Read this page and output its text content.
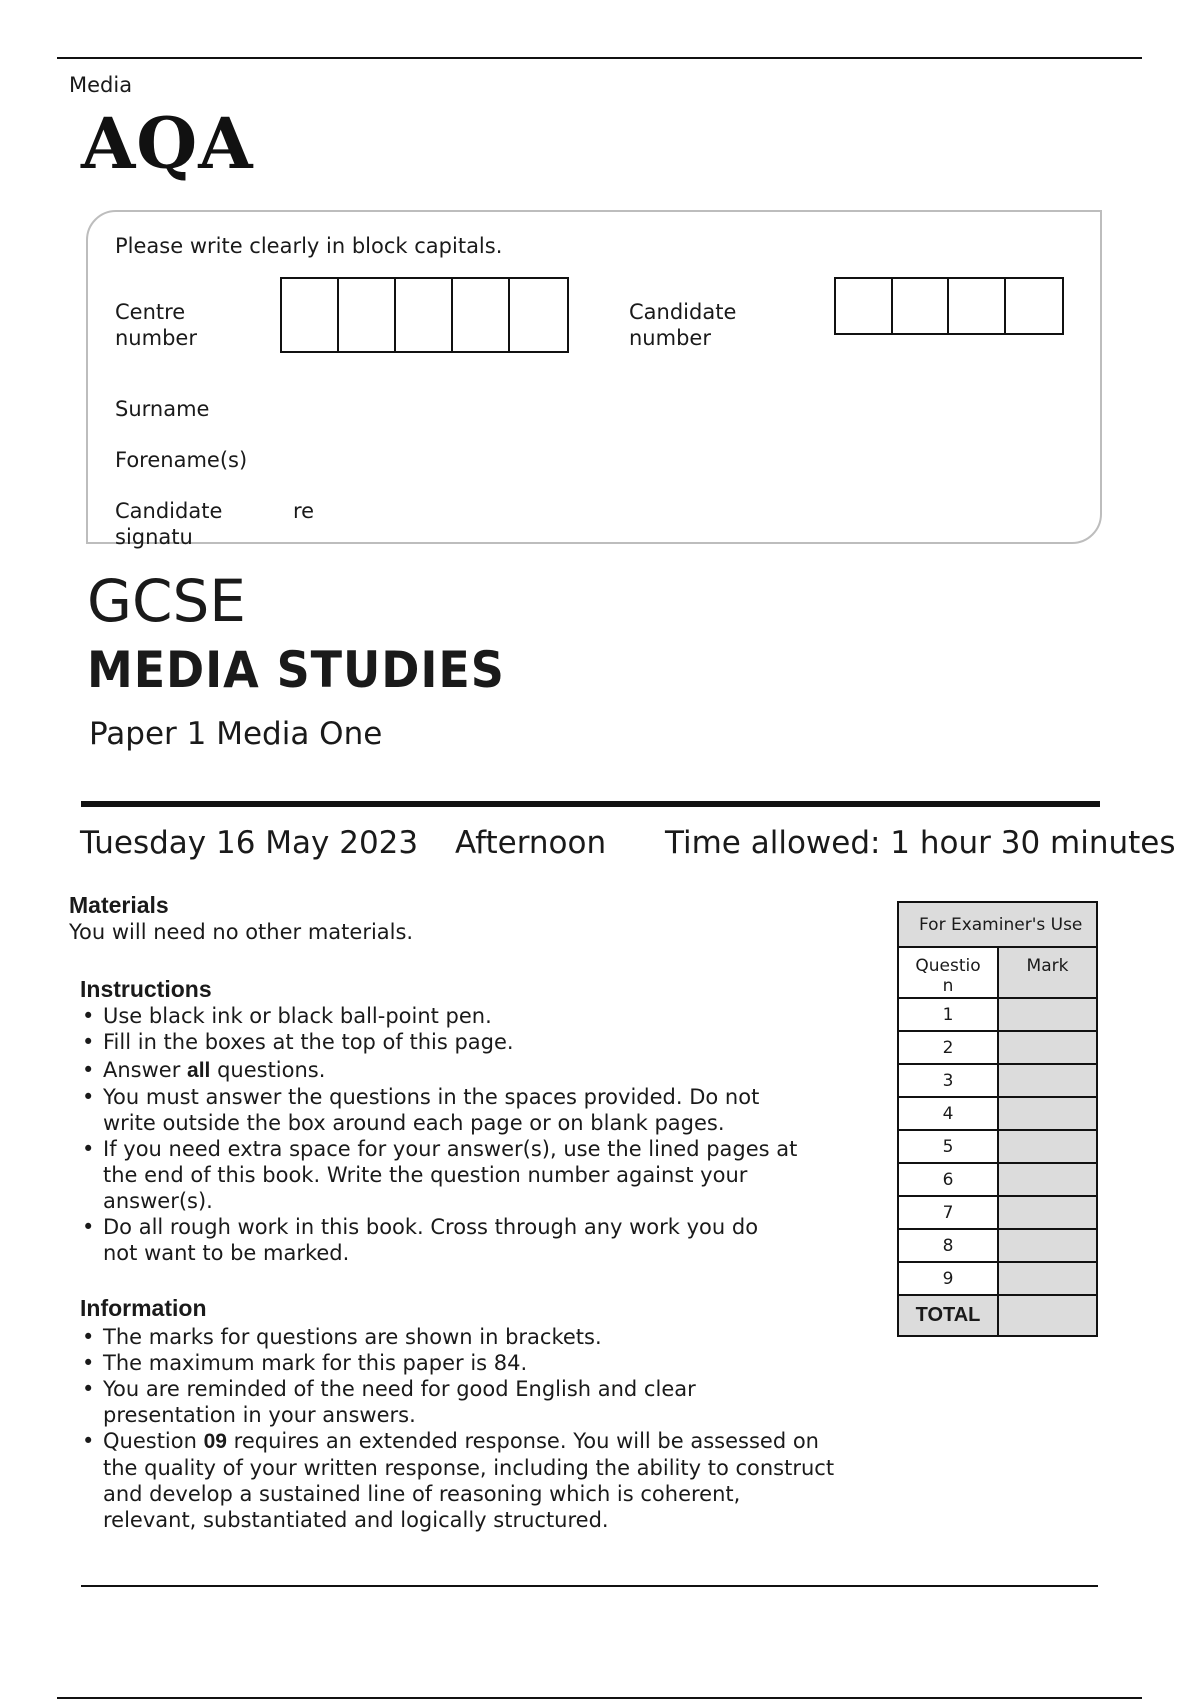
Media
AQA
Please write clearly in block capitals.
Centre
number
Candidate
number
Surname
Forename(s)
Candidate
signatu
re
GCSE
MEDIA STUDIES
Paper 1 Media One
Tuesday 16 May 2023 Afternoon Time allowed: 1 hour 30 minutes
Materials
You will need no other materials.
Instructions
• Use black ink or black ball-point pen.
• Fill in the boxes at the top of this page.
• Answer all questions.
• You must answer the questions in the spaces provided. Do not
write outside the box around each page or on blank pages.
• If you need extra space for your answer(s), use the lined pages at
the end of this book. Write the question number against your
answer(s).
• Do all rough work in this book. Cross through any work you do
not want to be marked.
Information
• The marks for questions are shown in brackets.
• The maximum mark for this paper is 84.
• You are reminded of the need for good English and clear
presentation in your answers.
• Question 09 requires an extended response. You will be assessed on
the quality of your written response, including the ability to construct
and develop a sustained line of reasoning which is coherent,
relevant, substantiated and logically structured.
For Examiner's Use	

Questio
n	Mark
1	
2	
3	
4	
5	
6	
7	
8	
9	
TOTAL	
